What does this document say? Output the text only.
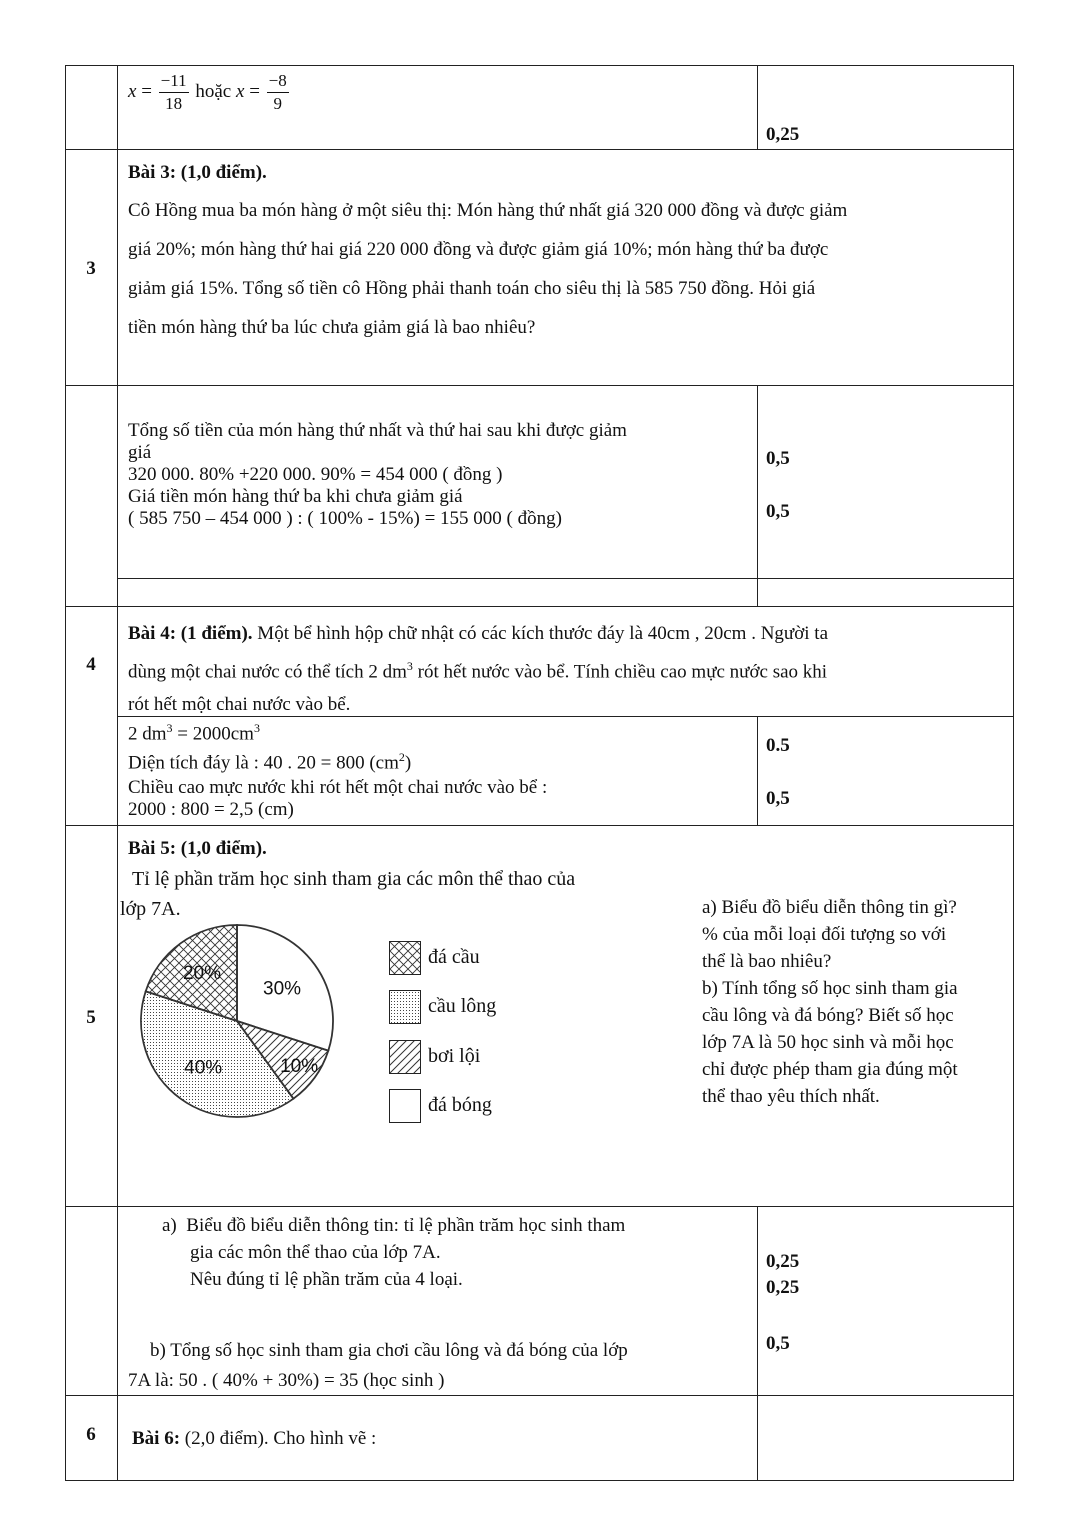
$x = \frac{-11}{18}$ hoặc $x = \frac{-8}{9}$
0,25
3
Bài 3: (1,0 điểm).

Cô Hồng mua ba món hàng ở một siêu thị: Món hàng thứ nhất giá 320 000 đồng và được giảm

giá 20%; món hàng thứ hai giá 220 000 đồng và được giảm giá 10%; món hàng thứ ba được

giảm giá 15%. Tổng số tiền cô Hồng phải thanh toán cho siêu thị là 585 750 đồng. Hỏi giá

tiền món hàng thứ ba lúc chưa giảm giá là bao nhiêu?

Tổng số tiền của món hàng thứ nhất và thứ hai sau khi được giảm

giá

320 000. 80% +220 000. 90% = 454 000 ( đồng )

Giá tiền món hàng thứ ba khi chưa giảm giá

( 585 750 – 454 000 ) : ( 100% - 15%) = 155 000 ( đồng)

0,5
0,5
4

Bài 4: (1 điểm). Một bể hình hộp chữ nhật có các kích thước đáy là 40cm , 20cm . Người ta

dùng một chai nước có thể tích 2 $dm^3$ rót hết nước vào bể. Tính chiều cao mực nước sao khi

rót hết một chai nước vào bể.

2 $dm^3 = 2000cm^3$

Diện tích đáy là : 40 . 20 = 800 $(cm^2)$

Chiều cao mực nước khi rót hết một chai nước vào bể :

2000 : 800 = 2,5 (cm)

0.5
0,5
5
Bài 5: (1,0 điểm).

Tỉ lệ phần trăm học sinh tham gia các môn thể thao của

lớp 7A.

30%
10%
40%
20%
đá cầu
cầu lông
bơi lội
đá bóng

a) Biểu đồ biểu diễn thông tin gì?

% của mỗi loại đối tượng so với

thể là bao nhiêu?

b) Tính tổng số học sinh tham gia

cầu lông và đá bóng? Biết số học

lớp 7A là 50 học sinh và mỗi học

chỉ được phép tham gia đúng một

thể thao yêu thích nhất.

a) Biểu đồ biểu diễn thông tin: tỉ lệ phần trăm học sinh tham

gia các môn thể thao của lớp 7A.

Nêu đúng tỉ lệ phần trăm của 4 loại.

b) Tổng số học sinh tham gia chơi cầu lông và đá bóng của lớp

7A là: 50 . ( 40% + 30%) = 35 (học sinh )

0,25
0,25
0,5
6	Bài 6: (2,0 điểm). Cho hình vẽ :
